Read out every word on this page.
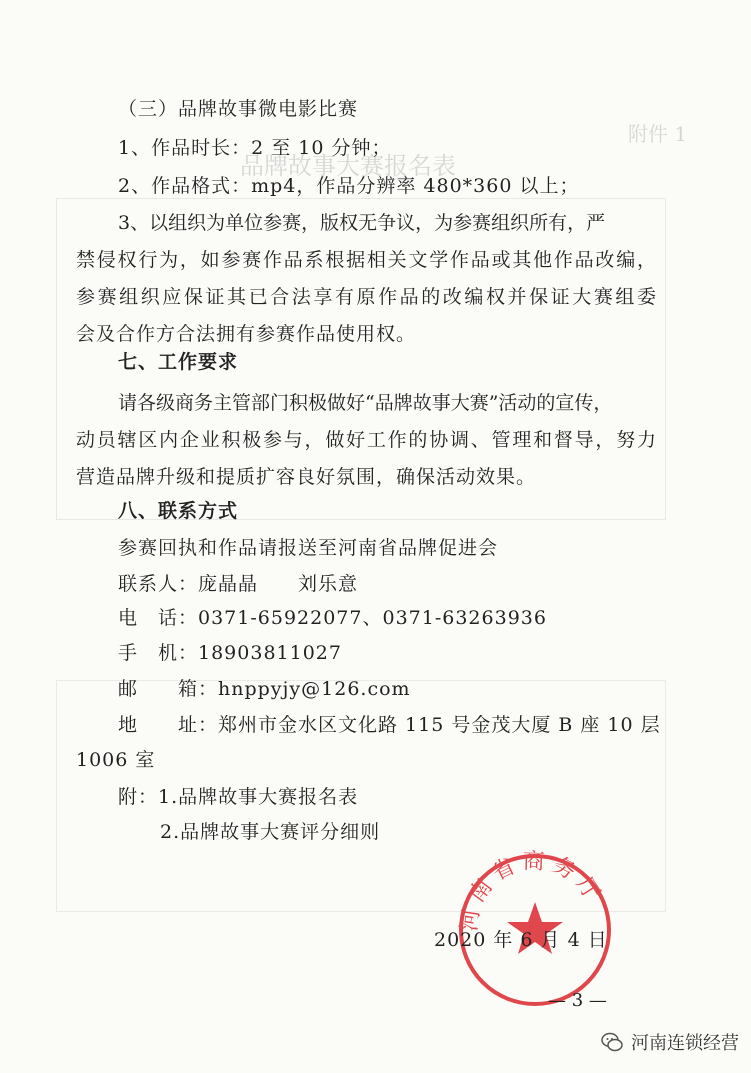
附件 1
品牌故事大赛报名表
（三）品牌故事微电影比赛
1、作品时长：2 至 10 分钟；
2、作品格式：mp4，作品分辨率 480*360 以上；
3、以组织为单位参赛，版权无争议，为参赛组织所有，严
禁侵权行为，如参赛作品系根据相关文学作品或其他作品改编，
参赛组织应保证其已合法享有原作品的改编权并保证大赛组委
会及合作方合法拥有参赛作品使用权。
七、工作要求
请各级商务主管部门积极做好“品牌故事大赛”活动的宣传，
动员辖区内企业积极参与，做好工作的协调、管理和督导，努力
营造品牌升级和提质扩容良好氛围，确保活动效果。
八、联系方式
参赛回执和作品请报送至河南省品牌促进会
联系人：庞晶晶　　刘乐意
电　话：0371-65922077、0371-63263936
手　机：18903811027
邮　　箱：hnppyjy@126.com
地　　址：郑州市金水区文化路 115 号金茂大厦 B 座 10 层
1006 室
附：1.品牌故事大赛报名表
2.品牌故事大赛评分细则
河南省商务厅
2020 年 6 月 4 日
— 3 —
河南连锁经营
